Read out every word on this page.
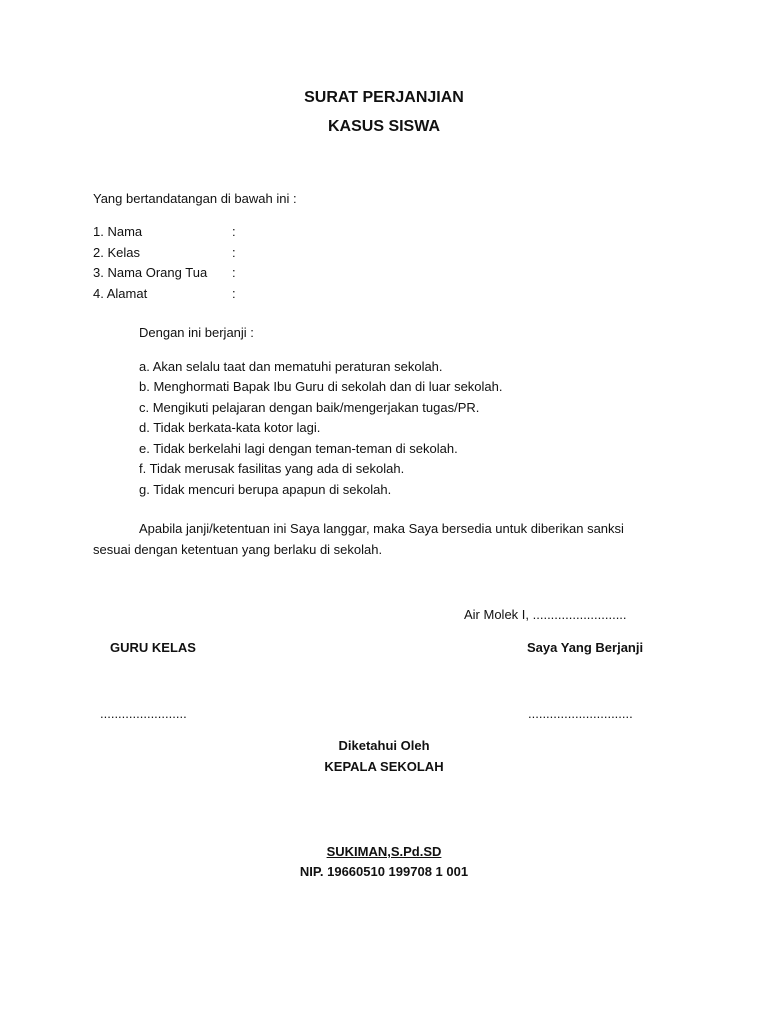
SURAT PERJANJIAN
KASUS SISWA
Yang bertandatangan di bawah ini :
1. Nama	:
2. Kelas	:
3. Nama Orang Tua :
4. Alamat	:
Dengan ini berjanji :
a. Akan selalu taat dan mematuhi peraturan sekolah.
b. Menghormati Bapak Ibu Guru di sekolah dan di luar sekolah.
c. Mengikuti pelajaran dengan baik/mengerjakan tugas/PR.
d. Tidak berkata-kata kotor lagi.
e. Tidak berkelahi lagi dengan teman-teman di sekolah.
f. Tidak merusak fasilitas yang ada di sekolah.
g. Tidak mencuri berupa apapun di sekolah.
Apabila janji/ketentuan ini Saya langgar, maka Saya bersedia untuk diberikan sanksi
sesuai dengan ketentuan yang berlaku di sekolah.
Air Molek I, ..........................
GURU KELAS	Saya Yang Berjanji
........................	.............................
Diketahui Oleh
KEPALA SEKOLAH
SUKIMAN,S.Pd.SD
NIP. 19660510 199708 1 001
